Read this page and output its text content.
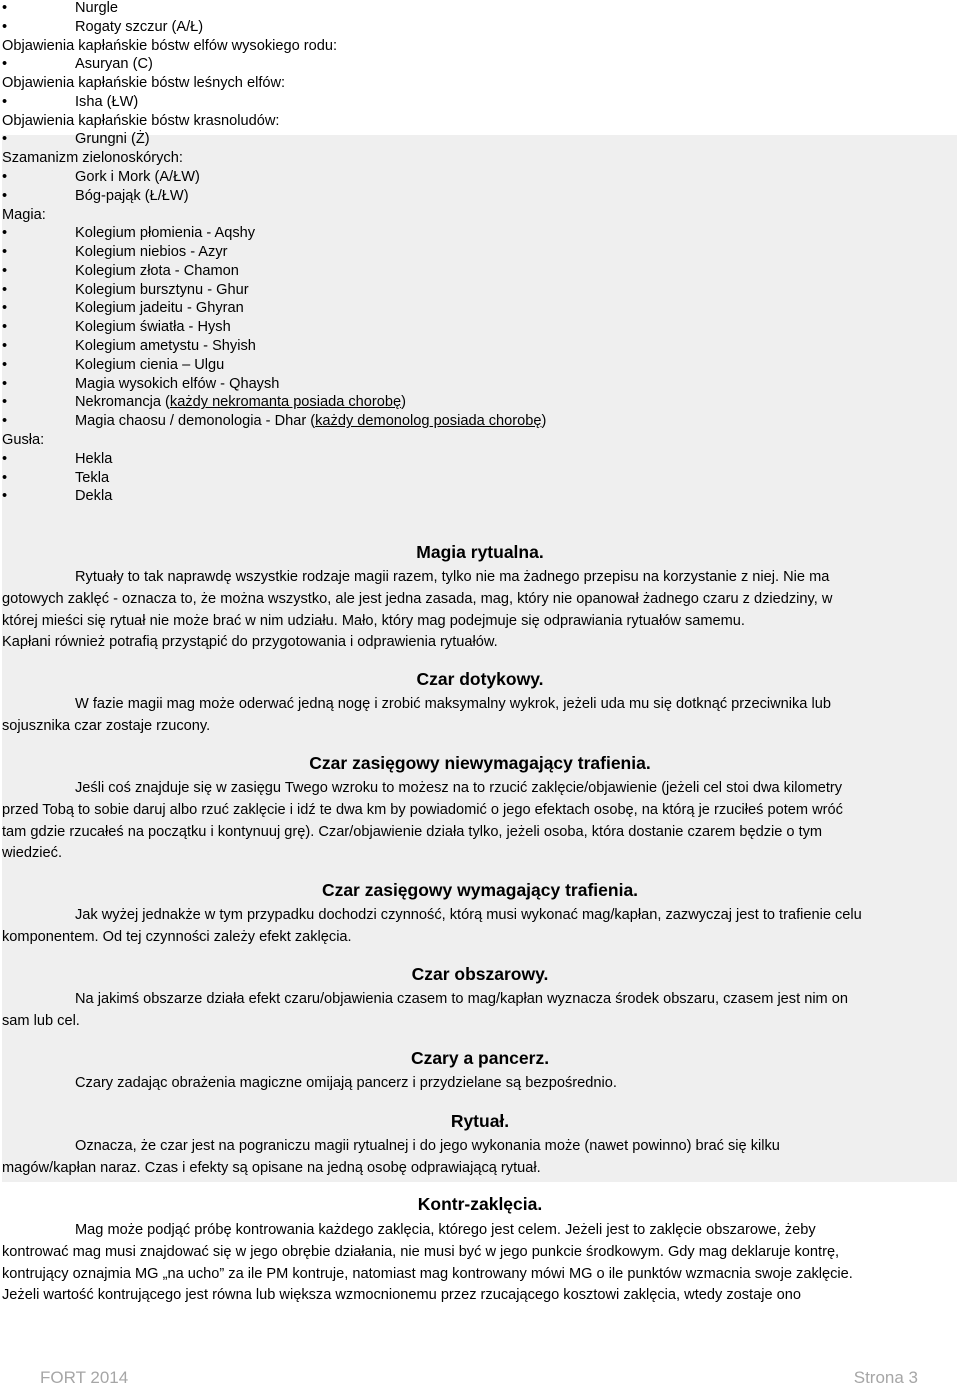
•	Nurgle
•	Rogaty szczur (A/Ł)
Objawienia kapłańskie bóstw elfów wysokiego rodu:
•	Asuryan (C)
Objawienia kapłańskie bóstw leśnych elfów:
•	Isha (ŁW)
Objawienia kapłańskie bóstw krasnoludów:
•	Grungni (Ż)
Szamanizm zielonoskórych:
•	Gork i Mork (A/ŁW)
•	Bóg-pająk (Ł/ŁW)
Magia:
•	Kolegium płomienia - Aqshy
•	Kolegium niebios - Azyr
•	Kolegium złota - Chamon
•	Kolegium bursztynu - Ghur
•	Kolegium jadeitu - Ghyran
•	Kolegium światła - Hysh
•	Kolegium ametystu - Shyish
•	Kolegium cienia – Ulgu
•	Magia wysokich elfów - Qhaysh
•	Nekromancja (każdy nekromanta posiada chorobę)
•	Magia chaosu / demonologia - Dhar (każdy demonolog posiada chorobę)
Gusła:
•	Hekla
•	Tekla
•	Dekla
Magia rytualna.
Rytuały to tak naprawdę wszystkie rodzaje magii razem, tylko nie ma żadnego przepisu na korzystanie z niej. Nie ma
gotowych zaklęć - oznacza to, że można wszystko, ale jest jedna zasada, mag, który nie opanował żadnego czaru z dziedziny, w
której mieści się rytuał nie może brać w nim udziału. Mało, który mag podejmuje się odprawiania rytuałów samemu.
Kapłani również potrafią przystąpić do przygotowania i odprawienia rytuałów.
Czar dotykowy.
W fazie magii mag może oderwać jedną nogę i zrobić maksymalny wykrok, jeżeli uda mu się dotknąć przeciwnika lub
sojusznika czar zostaje rzucony.
Czar zasięgowy niewymagający trafienia.
Jeśli coś znajduje się w zasięgu Twego wzroku to możesz na to rzucić zaklęcie/objawienie (jeżeli cel stoi dwa kilometry
przed Tobą to sobie daruj albo rzuć zaklęcie i idź te dwa km by powiadomić o jego efektach osobę, na którą je rzuciłeś potem wróć
tam gdzie rzucałeś na początku i kontynuuj grę). Czar/objawienie działa tylko, jeżeli osoba, która dostanie czarem będzie o tym
wiedzieć.
Czar zasięgowy wymagający trafienia.
Jak wyżej jednakże w tym przypadku dochodzi czynność, którą musi wykonać mag/kapłan, zazwyczaj jest to trafienie celu
komponentem. Od tej czynności zależy efekt zaklęcia.
Czar obszarowy.
Na jakimś obszarze działa efekt czaru/objawienia czasem to mag/kapłan wyznacza środek obszaru, czasem jest nim on
sam lub cel.
Czary a pancerz.
Czary zadając obrażenia magiczne omijają pancerz i przydzielane są bezpośrednio.
Rytuał.
Oznacza, że czar jest na pograniczu magii rytualnej i do jego wykonania może (nawet powinno) brać się kilku
magów/kapłan naraz. Czas i efekty są opisane na jedną osobę odprawiającą rytuał.
Kontr-zaklęcia.
Mag może podjąć próbę kontrowania każdego zaklęcia, którego jest celem. Jeżeli jest to zaklęcie obszarowe, żeby
kontrować mag musi znajdować się w jego obrębie działania, nie musi być w jego punkcie środkowym. Gdy mag deklaruje kontrę,
kontrujący oznajmia MG „na ucho” za ile PM kontruje, natomiast mag kontrowany mówi MG o ile punktów wzmacnia swoje zaklęcie.
Jeżeli wartość kontrującego jest równa lub większa wzmocnionemu przez rzucającego kosztowi zaklęcia, wtedy zostaje ono
FORT 2014	Strona 3
